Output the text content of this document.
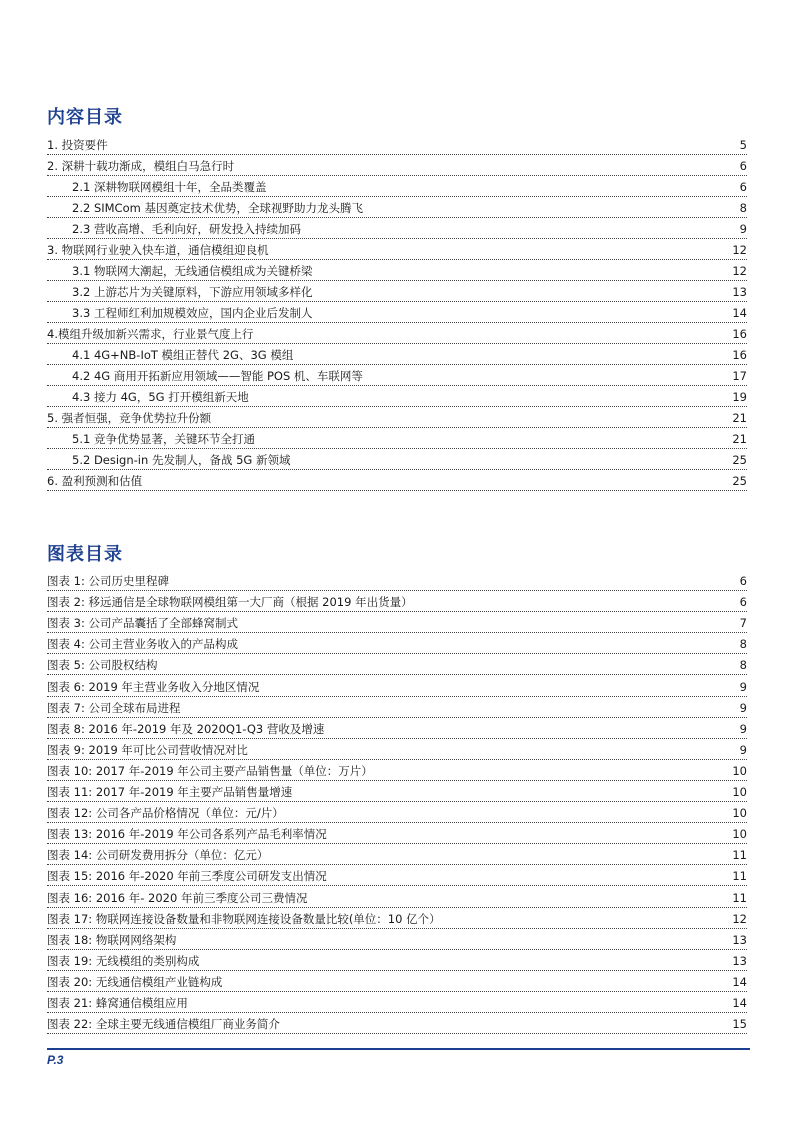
内容目录
1. 投资要件	5
2. 深耕十载功渐成，模组白马急行时	6
2.1 深耕物联网模组十年，全品类覆盖	6
2.2 SIMCom 基因奠定技术优势，全球视野助力龙头腾飞	8
2.3 营收高增、毛利向好，研发投入持续加码	9
3. 物联网行业驶入快车道，通信模组迎良机	12
3.1 物联网大潮起，无线通信模组成为关键桥梁	12
3.2 上游芯片为关键原料，下游应用领域多样化	13
3.3 工程师红利加规模效应，国内企业后发制人	14
4.模组升级加新兴需求，行业景气度上行	16
4.1 4G+NB-IoT 模组正替代 2G、3G 模组	16
4.2 4G 商用开拓新应用领域——智能 POS 机、车联网等	17
4.3 接力 4G，5G 打开模组新天地	19
5. 强者恒强，竞争优势拉升份额	21
5.1 竞争优势显著，关键环节全打通	21
5.2 Design-in 先发制人，备战 5G 新领域	25
6. 盈利预测和估值	25
图表目录
图表 1: 公司历史里程碑	6
图表 2: 移远通信是全球物联网模组第一大厂商（根据 2019 年出货量）	6
图表 3: 公司产品囊括了全部蜂窝制式	7
图表 4: 公司主营业务收入的产品构成	8
图表 5: 公司股权结构	8
图表 6: 2019 年主营业务收入分地区情况	9
图表 7: 公司全球布局进程	9
图表 8: 2016 年-2019 年及 2020Q1-Q3 营收及增速	9
图表 9: 2019 年可比公司营收情况对比	9
图表 10: 2017 年-2019 年公司主要产品销售量（单位：万片）	10
图表 11: 2017 年-2019 年主要产品销售量增速	10
图表 12: 公司各产品价格情况（单位：元/片）	10
图表 13: 2016 年-2019 年公司各系列产品毛利率情况	10
图表 14: 公司研发费用拆分（单位：亿元）	11
图表 15: 2016 年-2020 年前三季度公司研发支出情况	11
图表 16: 2016 年- 2020 年前三季度公司三费情况	11
图表 17: 物联网连接设备数量和非物联网连接设备数量比较(单位：10 亿个）	12
图表 18: 物联网网络架构	13
图表 19: 无线模组的类别构成	13
图表 20: 无线通信模组产业链构成	14
图表 21: 蜂窝通信模组应用	14
图表 22: 全球主要无线通信模组厂商业务简介	15
P.3
